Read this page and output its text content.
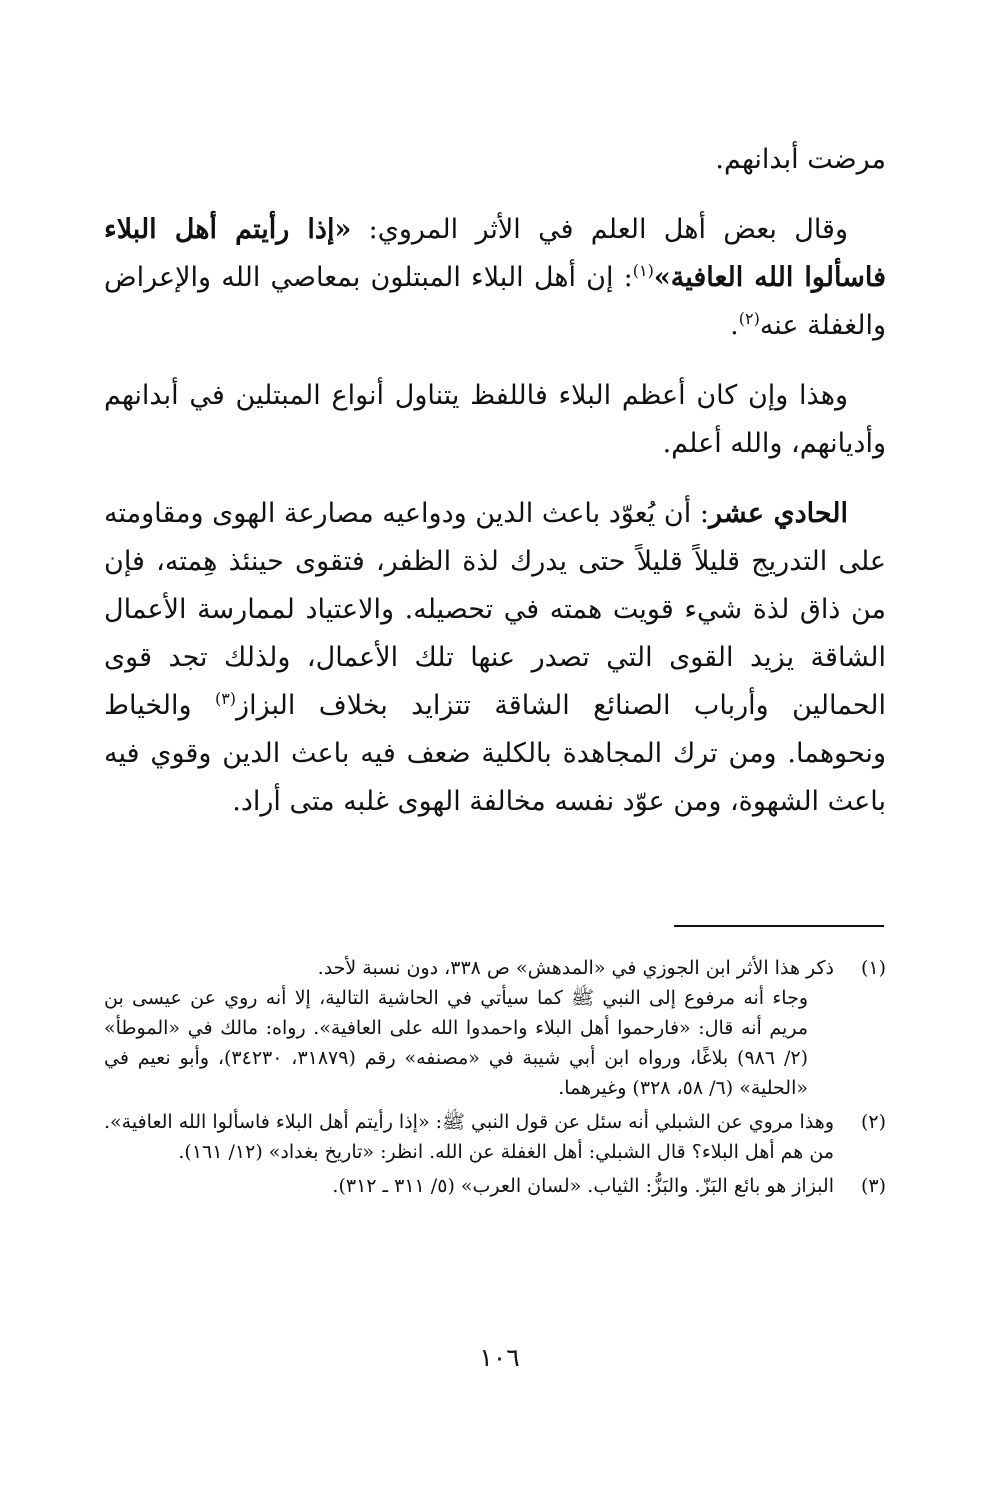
مرضت أبدانهم.

وقال بعض أهل العلم في الأثر المروي: «إذا رأيتم أهل البلاء فاسألوا الله العافية»$^{(١)}$: إن أهل البلاء المبتلون بمعاصي الله والإعراض والغفلة عنه$^{(٢)}$.

وهذا وإن كان أعظم البلاء فاللفظ يتناول أنواع المبتلين في أبدانهم وأديانهم، والله أعلم.

الحادي عشر: أن يُعوّد باعث الدين ودواعيه مصارعة الهوى ومقاومته على التدريج قليلاً قليلاً حتى يدرك لذة الظفر، فتقوى حينئذ هِمته، فإن من ذاق لذة شيء قويت همته في تحصيله. والاعتياد لممارسة الأعمال الشاقة يزيد القوى التي تصدر عنها تلك الأعمال، ولذلك تجد قوى الحمالين وأرباب الصنائع الشاقة تتزايد بخلاف البزاز$^{(٣)}$ والخياط ونحوهما. ومن ترك المجاهدة بالكلية ضعف فيه باعث الدين وقوي فيه باعث الشهوة، ومن عوّد نفسه مخالفة الهوى غلبه متى أراد.

(١)
ذكر هذا الأثر ابن الجوزي في «المدهش» ص ٣٣٨، دون نسبة لأحد.
وجاء أنه مرفوع إلى النبي ﷺ كما سيأتي في الحاشية التالية، إلا أنه روي عن عيسى بن مريم أنه قال: «فارحموا أهل البلاء واحمدوا الله على العافية». رواه: مالك في «الموطأ» (٢/ ٩٨٦) بلاغًا، ورواه ابن أبي شيبة في «مصنفه» رقم (٣١٨٧٩، ٣٤٢٣٠)، وأبو نعيم في «الحلية» (٦/ ٥٨، ٣٢٨) وغيرهما.
(٢)
وهذا مروي عن الشبلي أنه سئل عن قول النبي ﷺ: «إذا رأيتم أهل البلاء فاسألوا الله العافية». من هم أهل البلاء؟ قال الشبلي: أهل الغفلة عن الله. انظر: «تاريخ بغداد» (١٢/ ١٦١).
(٣)
البزاز هو بائع البَزّ. والبَزُّ: الثياب. «لسان العرب» (٥/ ٣١١ ـ ٣١٢).
١٠٦
